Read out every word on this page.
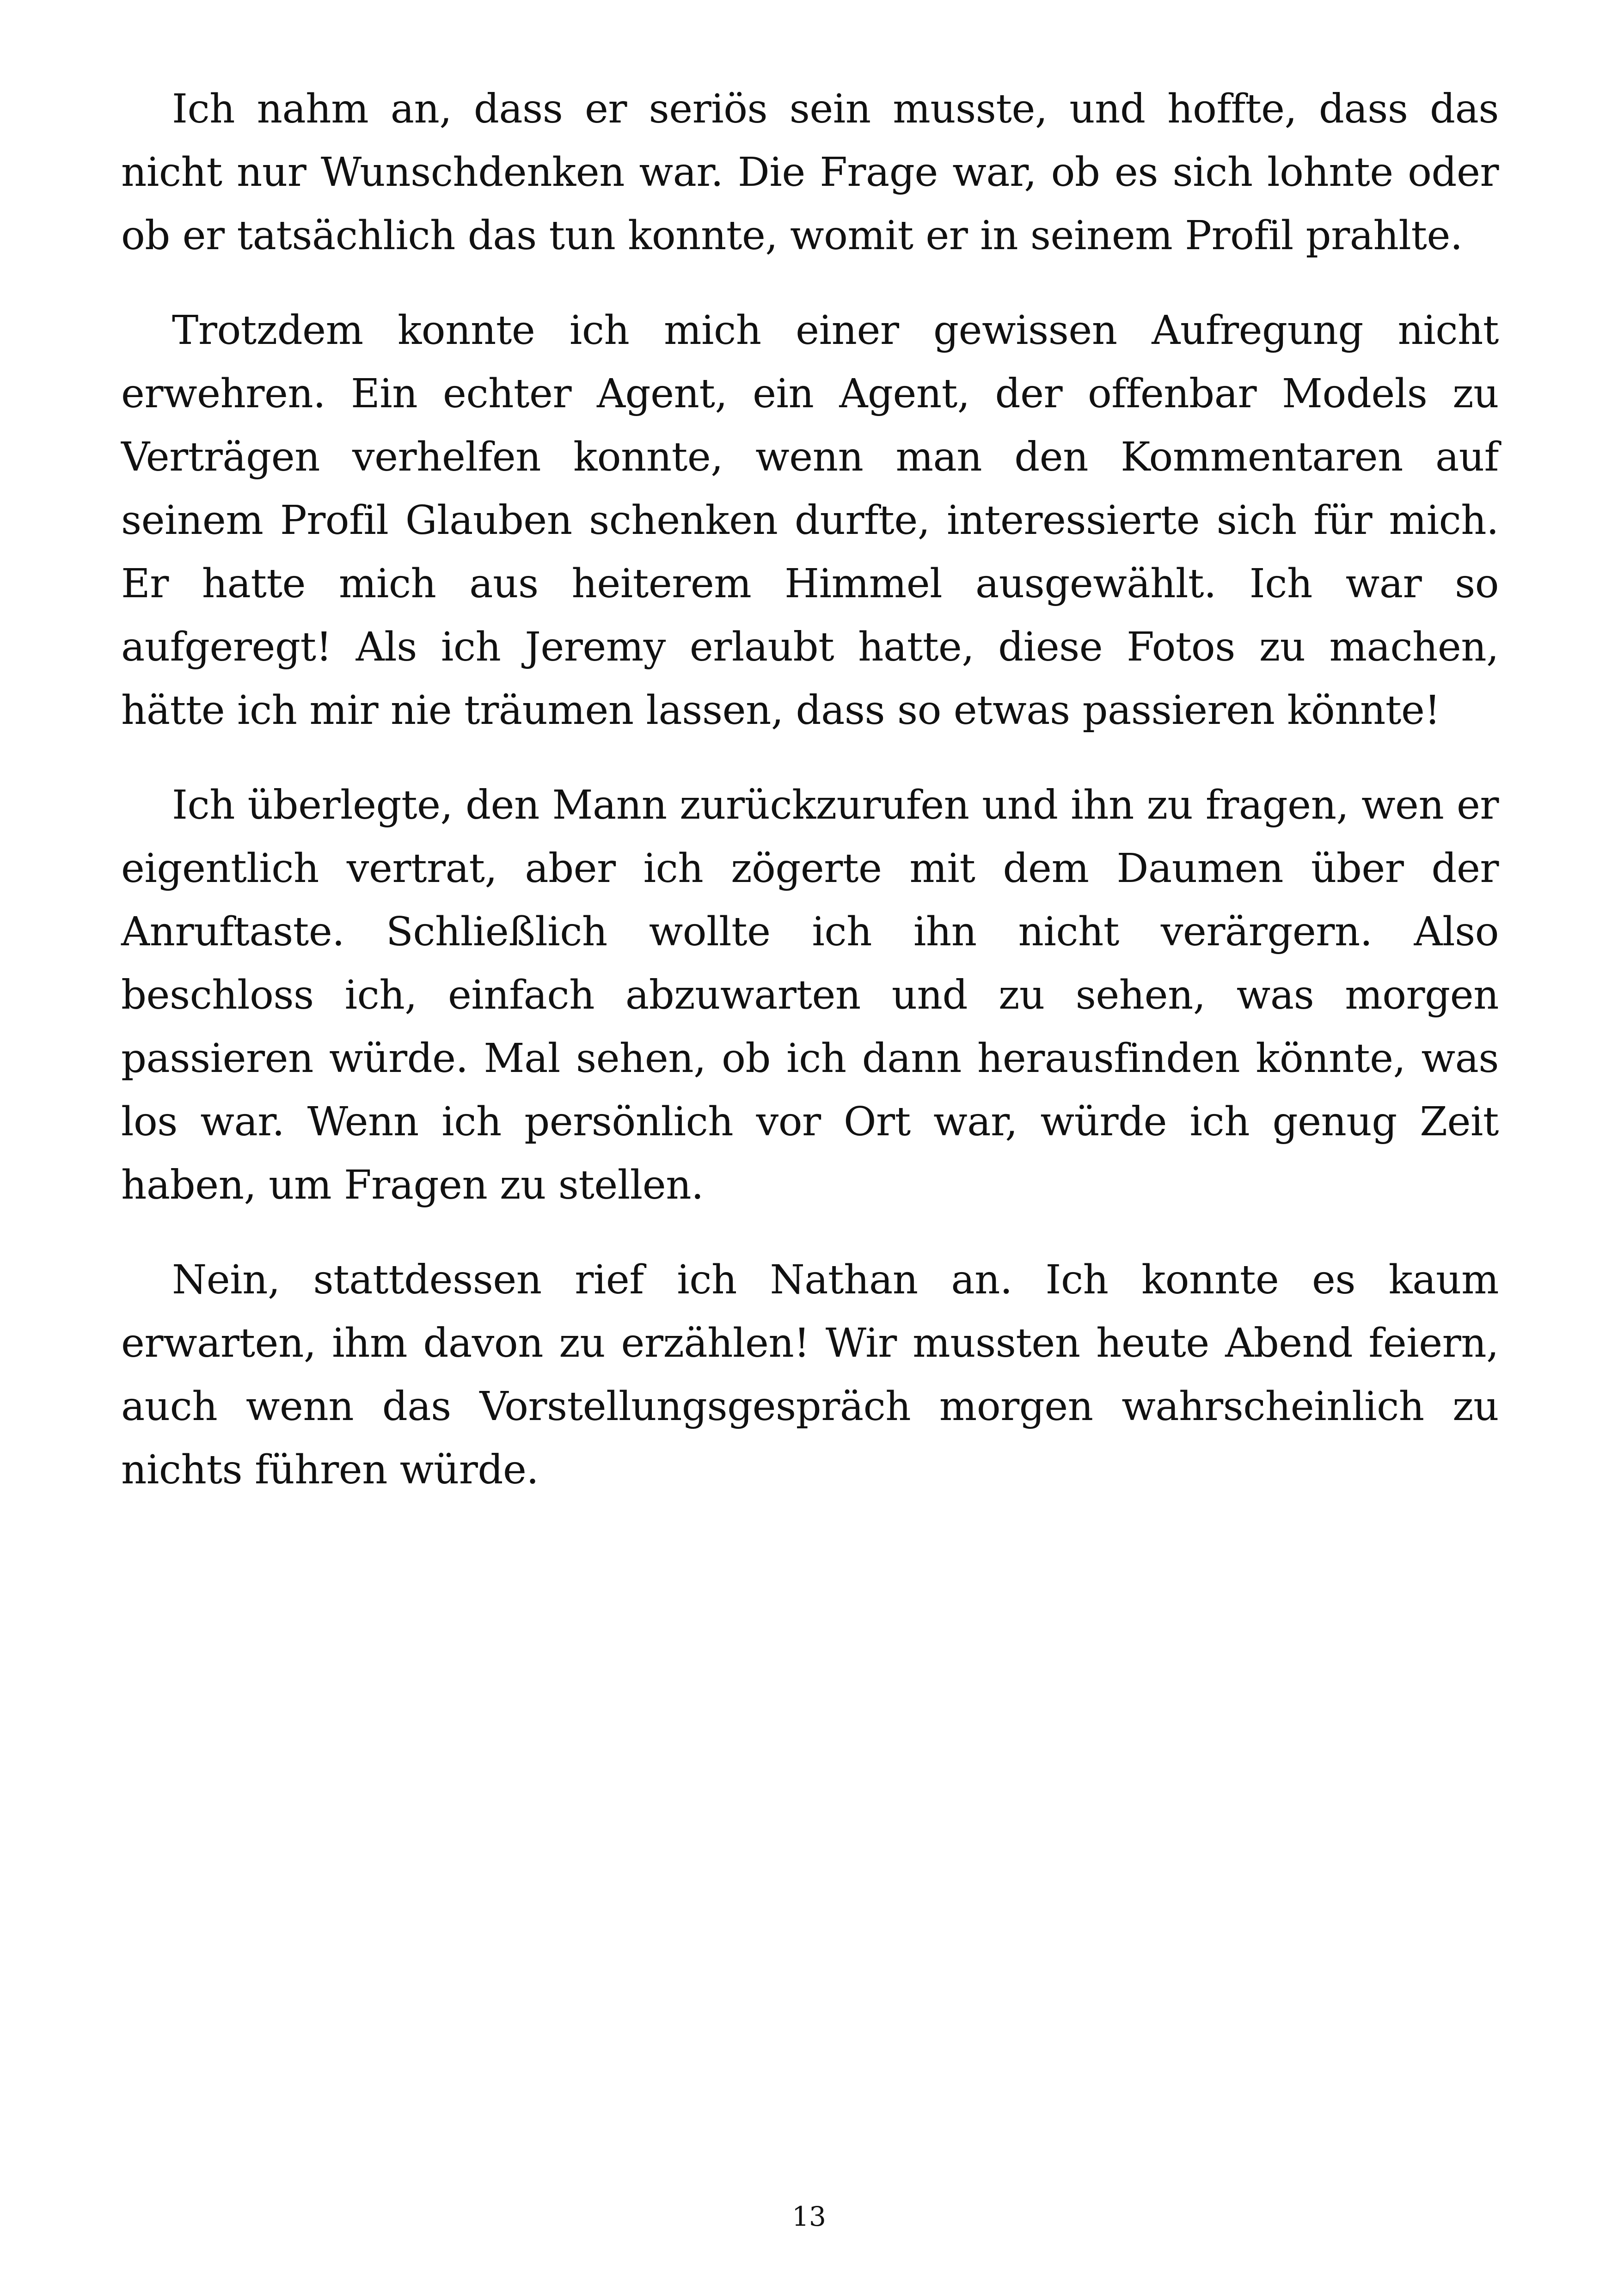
Ich nahm an, dass er seriös sein musste, und hoffte, dass das nicht nur Wunschdenken war. Die Frage war, ob es sich lohnte oder ob er tatsächlich das tun konnte, womit er in seinem Profil prahlte.

Trotzdem konnte ich mich einer gewissen Aufregung nicht erwehren. Ein echter Agent, ein Agent, der offenbar Models zu Verträgen verhelfen konnte, wenn man den Kommentaren auf seinem Profil Glauben schenken durfte, interessierte sich für mich. Er hatte mich aus heiterem Himmel ausgewählt. Ich war so aufgeregt! Als ich Jeremy erlaubt hatte, diese Fotos zu machen, hätte ich mir nie träumen lassen, dass so etwas passieren könnte!

Ich überlegte, den Mann zurückzurufen und ihn zu fragen, wen er eigentlich vertrat, aber ich zögerte mit dem Daumen über der Anruftaste. Schließlich wollte ich ihn nicht verärgern. Also beschloss ich, einfach abzuwarten und zu sehen, was morgen passieren würde. Mal sehen, ob ich dann herausfinden könnte, was los war. Wenn ich persönlich vor Ort war, würde ich genug Zeit haben, um Fragen zu stellen.

Nein, stattdessen rief ich Nathan an. Ich konnte es kaum erwarten, ihm davon zu erzählen! Wir mussten heute Abend feiern, auch wenn das Vorstellungsgespräch morgen wahrscheinlich zu nichts führen würde.

13
